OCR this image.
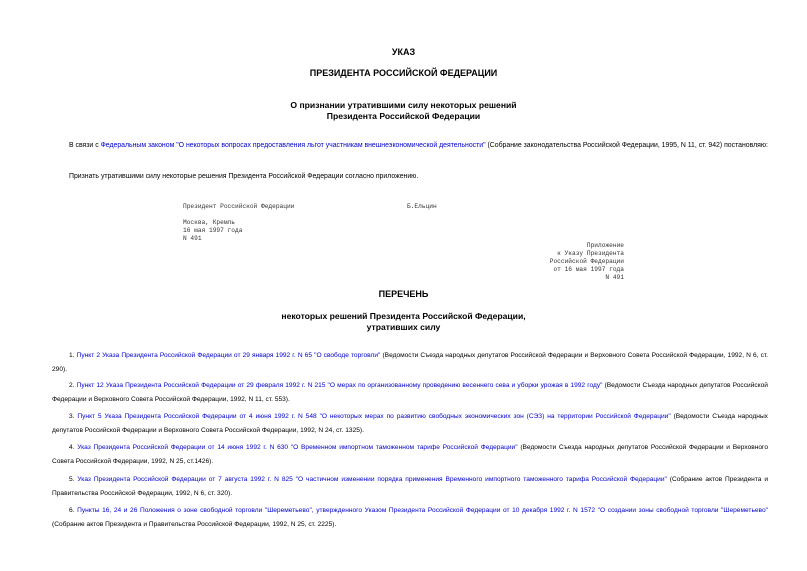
УКАЗ
ПРЕЗИДЕНТА РОССИЙСКОЙ ФЕДЕРАЦИИ
О признании утратившими силу некоторых решений
Президента Российской Федерации
В связи с Федеральным законом "О некоторых вопросах предоставления льгот участникам внешнеэкономической деятельности" (Собрание законодательства Российской Федерации, 1995, N 11, ст. 942) постановляю:
Признать утратившими силу некоторые решения Президента Российской Федерации согласно приложению.
Президент Российской Федерации	Б.Ельцин
Москва, Кремль
16 мая 1997 года
N 491
Приложение
к Указу Президента
Российской Федерации
от 16 мая 1997 года
N 491
ПЕРЕЧЕНЬ
некоторых решений Президента Российской Федерации,
утративших силу
1. Пункт 2 Указа Президента Российской Федерации от 29 января 1992 г. N 65 "О свободе торговли" (Ведомости Съезда народных депутатов Российской Федерации и Верховного Совета Российской Федерации, 1992, N 6, ст. 290).
2. Пункт 12 Указа Президента Российской Федерации от 29 февраля 1992 г. N 215 "О мерах по организованному проведению весеннего сева и уборки урожая в 1992 году" (Ведомости Съезда народных депутатов Российской Федерации и Верховного Совета Российской Федерации, 1992, N 11, ст. 553).
3. Пункт 5 Указа Президента Российской Федерации от 4 июня 1992 г. N 548 "О некоторых мерах по развитию свободных экономических зон (СЭЗ) на территории Российской Федерации" (Ведомости Съезда народных депутатов Российской Федерации и Верховного Совета Российской Федерации, 1992, N 24, ст. 1325).
4. Указ Президента Российской Федерации от 14 июня 1992 г. N 630 "О Временном импортном таможенном тарифе Российской Федерации" (Ведомости Съезда народных депутатов Российской Федерации и Верховного Совета Российской Федерации, 1992, N 25, ст.1426).
5. Указ Президента Российской Федерации от 7 августа 1992 г. N 825 "О частичном изменении порядка применения Временного импортного таможенного тарифа Российской Федерации" (Собрание актов Президента и Правительства Российской Федерации, 1992, N 6, ст. 320).
6. Пункты 16, 24 и 26 Положения о зоне свободной торговли "Шереметьево", утвержденного Указом Президента Российской Федерации от 10 декабря 1992 г. N 1572 "О создании зоны свободной торговли "Шереметьево" (Собрание актов Президента и Правительства Российской Федерации, 1992, N 25, ст. 2225).
